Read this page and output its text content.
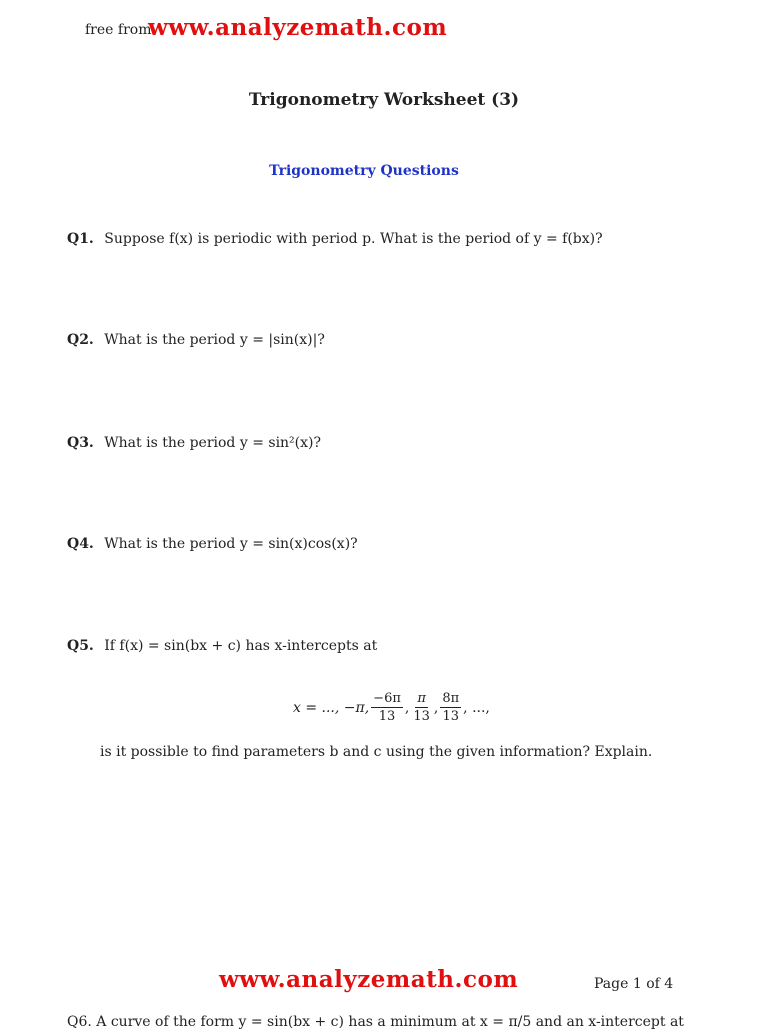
free from
www.analyzemath.com
Trigonometry Worksheet (3)
Trigonometry Questions
Q1. Suppose f(x) is periodic with period p. What is the period of y = f(bx)?
Q2. What is the period y = |sin(x)|?
Q3. What is the period y = sin²(x)?
Q4. What is the period y = sin(x)cos(x)?
Q5. If f(x) = sin(bx + c) has x-intercepts at
x = ..., −π, $\frac{-6\pi}{13}$ , $\frac{\pi}{13}$ , $\frac{8\pi}{13}$ , ...,
is it possible to find parameters b and c using the given information? Explain.
www.analyzemath.com	Page 1 of 4
Q6. A curve of the form y = sin(bx + c) has a minimum at x = π/5 and an x-intercept at
